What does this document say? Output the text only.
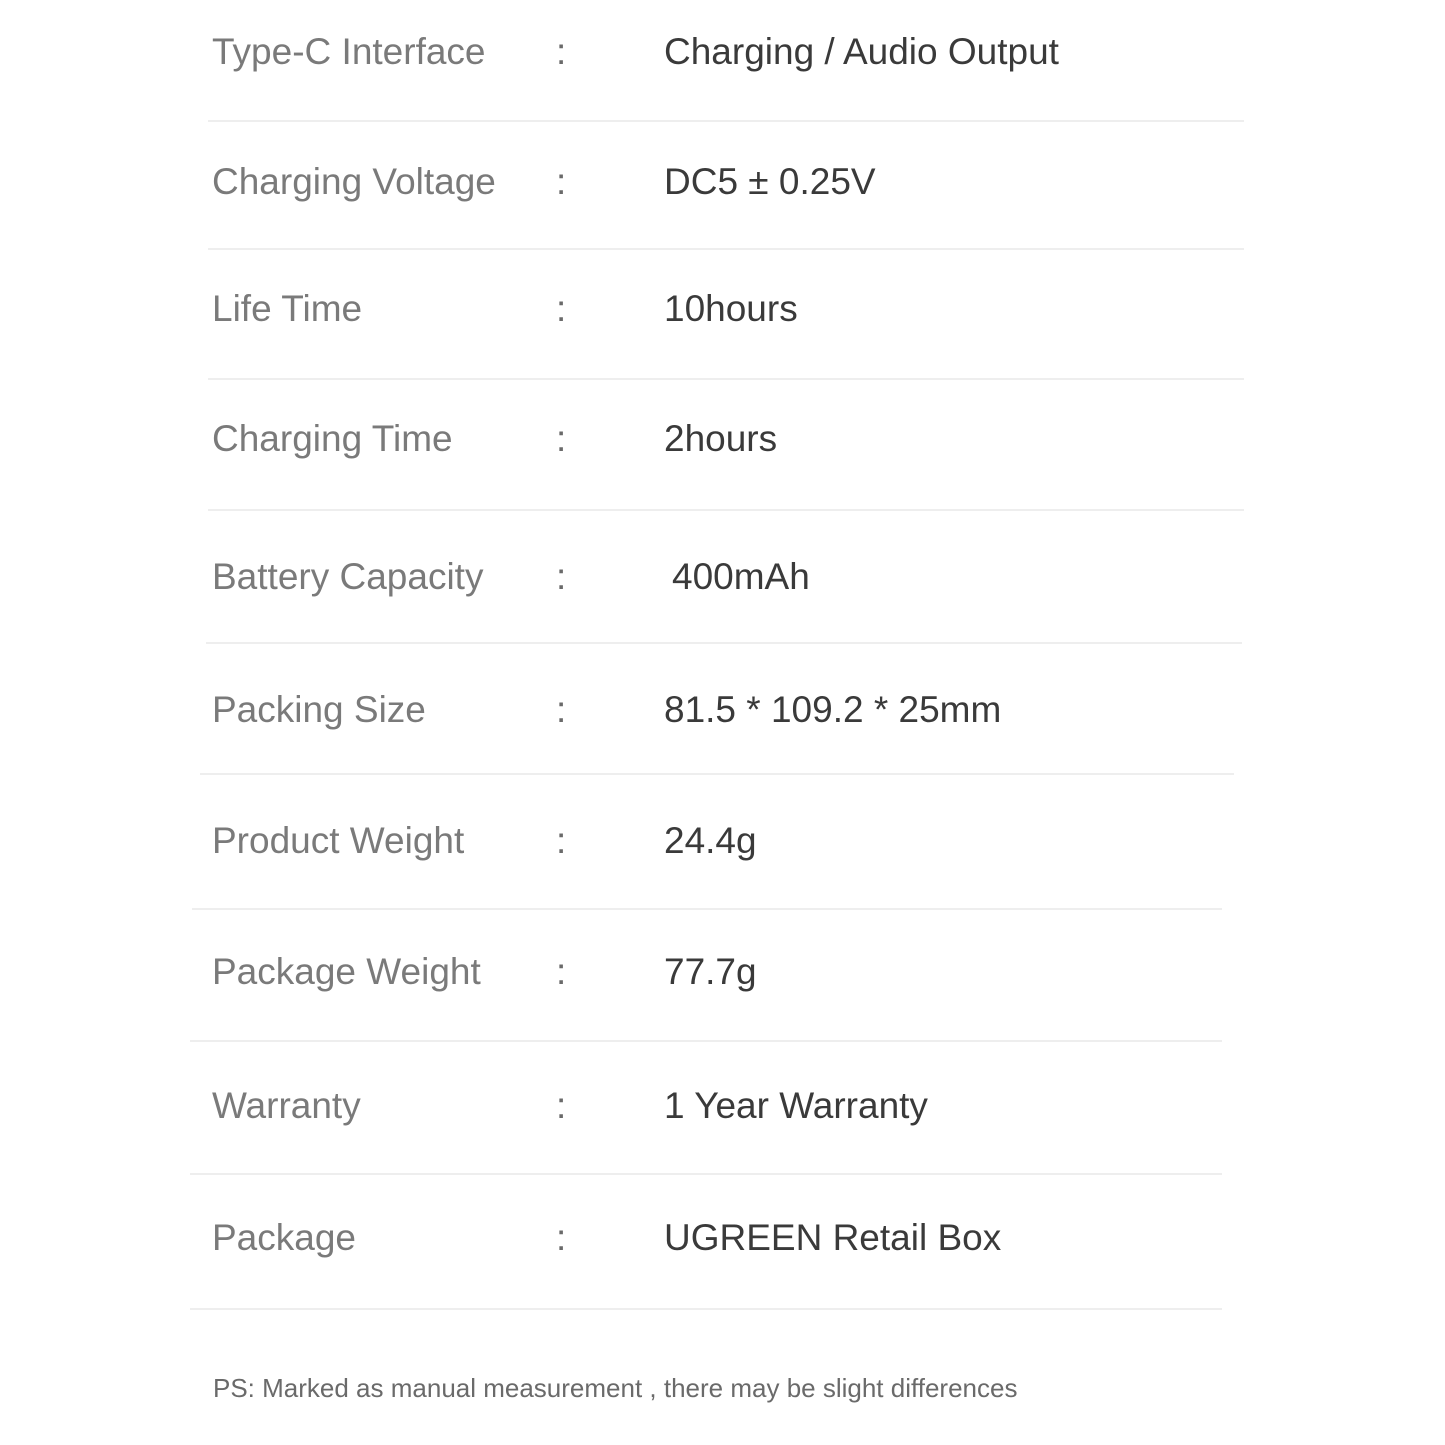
Type-C Interface :	Charging / Audio Output
Charging Voltage :	DC5 ± 0.25V
Life Time	:	10hours
Charging Time	:	2hours
Battery Capacity :	400mAh
Packing Size	:	81.5 * 109.2 * 25mm
Product Weight :	24.4g
Package Weight :	77.7g
Warranty	:	1 Year Warranty
Package	:	UGREEN Retail Box
PS: Marked as manual measurement , there may be slight differences
